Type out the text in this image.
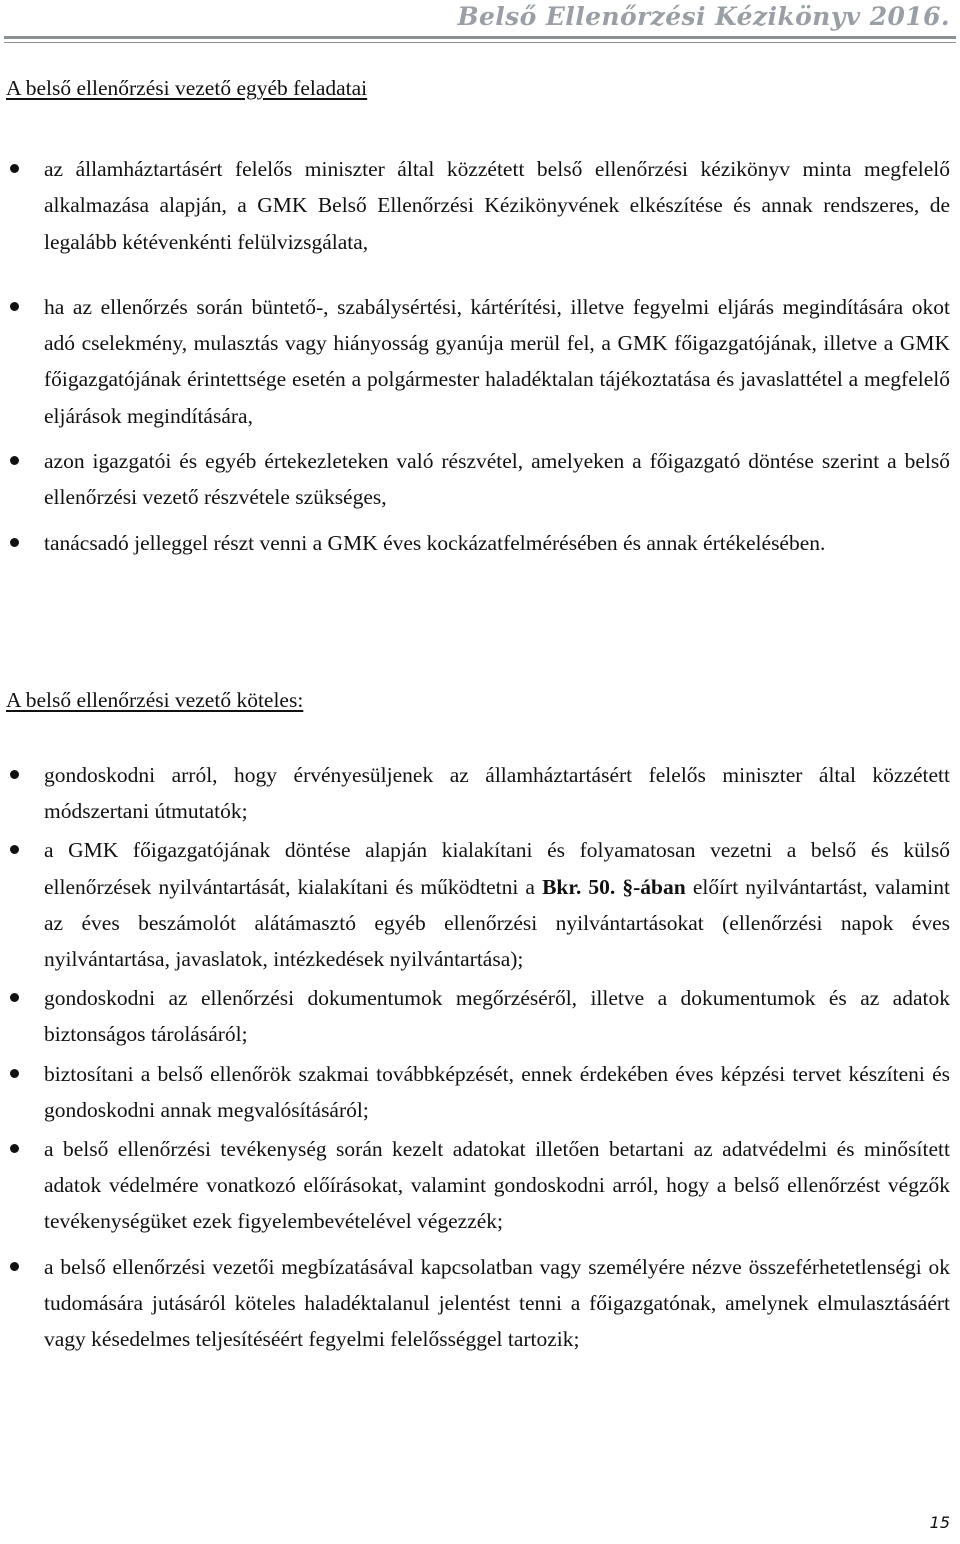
Belső Ellenőrzési Kézikönyv 2016.
A belső ellenőrzési vezető egyéb feladatai
az államháztartásért felelős miniszter által közzétett belső ellenőrzési kézikönyv minta megfelelő alkalmazása alapján, a GMK Belső Ellenőrzési Kézikönyvének elkészítése és annak rendszeres, de legalább kétévenkénti felülvizsgálata,
ha az ellenőrzés során büntető-, szabálysértési, kártérítési, illetve fegyelmi eljárás megindítására okot adó cselekmény, mulasztás vagy hiányosság gyanúja merül fel, a GMK főigazgatójának, illetve a GMK főigazgatójának érintettsége esetén a polgármester haladéktalan tájékoztatása és javaslattétel a megfelelő eljárások megindítására,
azon igazgatói és egyéb értekezleteken való részvétel, amelyeken a főigazgató döntése szerint a belső ellenőrzési vezető részvétele szükséges,
tanácsadó jelleggel részt venni a GMK éves kockázatfelmérésében és annak értékelésében.
A belső ellenőrzési vezető köteles:
gondoskodni arról, hogy érvényesüljenek az államháztartásért felelős miniszter által közzétett módszertani útmutatók;
a GMK főigazgatójának döntése alapján kialakítani és folyamatosan vezetni a belső és külső ellenőrzések nyilvántartását, kialakítani és működtetni a Bkr. 50. §-ában előírt nyilvántartást, valamint az éves beszámolót alátámasztó egyéb ellenőrzési nyilvántartásokat (ellenőrzési napok éves nyilvántartása, javaslatok, intézkedések nyilvántartása);
gondoskodni az ellenőrzési dokumentumok megőrzéséről, illetve a dokumentumok és az adatok biztonságos tárolásáról;
biztosítani a belső ellenőrök szakmai továbbképzését, ennek érdekében éves képzési tervet készíteni és gondoskodni annak megvalósításáról;
a belső ellenőrzési tevékenység során kezelt adatokat illetően betartani az adatvédelmi és minősített adatok védelmére vonatkozó előírásokat, valamint gondoskodni arról, hogy a belső ellenőrzést végzők tevékenységüket ezek figyelembevételével végezzék;
a belső ellenőrzési vezetői megbízatásával kapcsolatban vagy személyére nézve összeférhetetlenségi ok tudomására jutásáról köteles haladéktalanul jelentést tenni a főigazgatónak, amelynek elmulasztásáért vagy késedelmes teljesítéséért fegyelmi felelősséggel tartozik;

15
